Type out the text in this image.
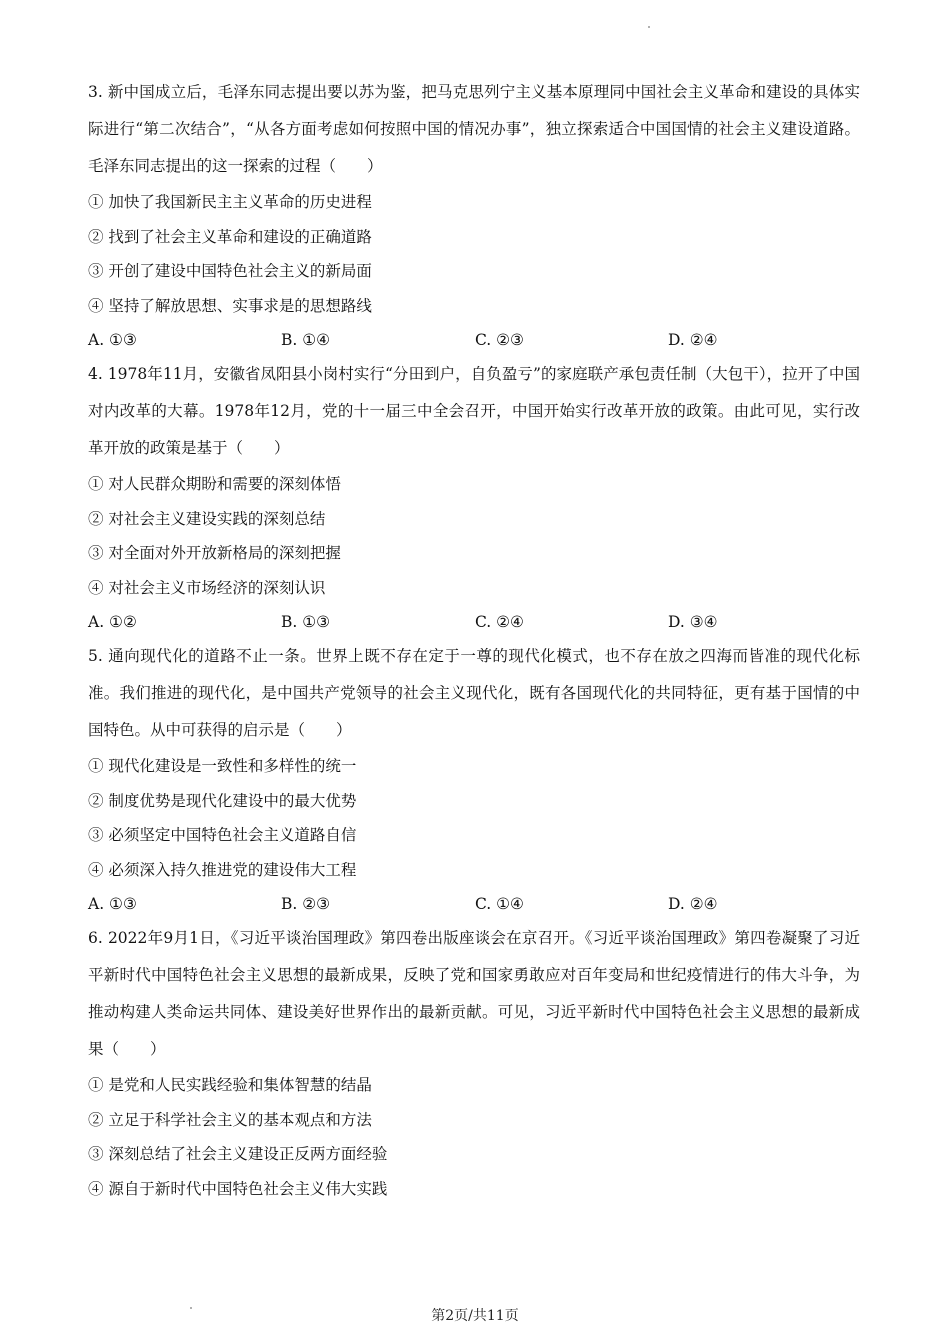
3. 新中国成立后，毛泽东同志提出要以苏为鉴，把马克思列宁主义基本原理同中国社会主义革命和建设的具体实际进行“第二次结合”，“从各方面考虑如何按照中国的情况办事”，独立探索适合中国国情的社会主义建设道路。毛泽东同志提出的这一探索的过程（　　）

① 加快了我国新民主主义革命的历史进程

② 找到了社会主义革命和建设的正确道路

③ 开创了建设中国特色社会主义的新局面

④ 坚持了解放思想、实事求是的思想路线

A. ①③	B. ①④	C. ②③	D. ②④

4. 1978年11月，安徽省凤阳县小岗村实行“分田到户，自负盈亏”的家庭联产承包责任制（大包干），拉开了中国对内改革的大幕。1978年12月，党的十一届三中全会召开，中国开始实行改革开放的政策。由此可见，实行改革开放的政策是基于（　　）

① 对人民群众期盼和需要的深刻体悟

② 对社会主义建设实践的深刻总结

③ 对全面对外开放新格局的深刻把握

④ 对社会主义市场经济的深刻认识

A. ①②	B. ①③	C. ②④	D. ③④

5. 通向现代化的道路不止一条。世界上既不存在定于一尊的现代化模式，也不存在放之四海而皆准的现代化标准。我们推进的现代化，是中国共产党领导的社会主义现代化，既有各国现代化的共同特征，更有基于国情的中国特色。从中可获得的启示是（　　）

① 现代化建设是一致性和多样性的统一

② 制度优势是现代化建设中的最大优势

③ 必须坚定中国特色社会主义道路自信

④ 必须深入持久推进党的建设伟大工程

A. ①③	B. ②③	C. ①④	D. ②④

6. 2022年9月1日，《习近平谈治国理政》第四卷出版座谈会在京召开。《习近平谈治国理政》第四卷凝聚了习近平新时代中国特色社会主义思想的最新成果，反映了党和国家勇敢应对百年变局和世纪疫情进行的伟大斗争，为推动构建人类命运共同体、建设美好世界作出的最新贡献。可见，习近平新时代中国特色社会主义思想的最新成果（　　）

① 是党和人民实践经验和集体智慧的结晶

② 立足于科学社会主义的基本观点和方法

③ 深刻总结了社会主义建设正反两方面经验

④ 源自于新时代中国特色社会主义伟大实践

第2页/共11页
